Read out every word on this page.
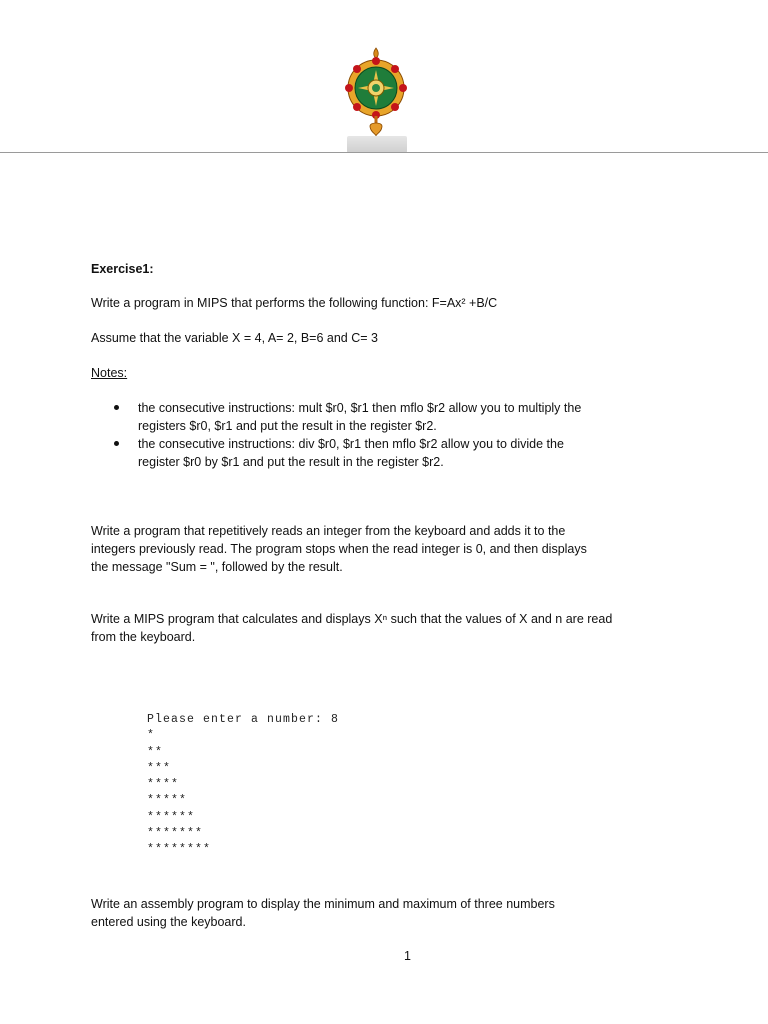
Exercise1:
Write a program in MIPS that performs the following function: F=Ax² +B/C
Assume that the variable X = 4, A= 2, B=6 and C= 3
Notes:
the consecutive instructions: mult $r0, $r1 then mflo $r2 allow you to multiply the
registers $r0, $r1 and put the result in the register $r2.
the consecutive instructions: div $r0, $r1 then mflo $r2 allow you to divide the
register $r0 by $r1 and put the result in the register $r2.
Write a program that repetitively reads an integer from the keyboard and adds it to the
integers previously read. The program stops when the read integer is 0, and then displays
the message "Sum = ", followed by the result.
Write a MIPS program that calculates and displays Xⁿ such that the values of X and n are read
from the keyboard.
Please enter a number: 8
*
**
***
****
*****
******
*******
********
Write an assembly program to display the minimum and maximum of three numbers
entered using the keyboard.
1
